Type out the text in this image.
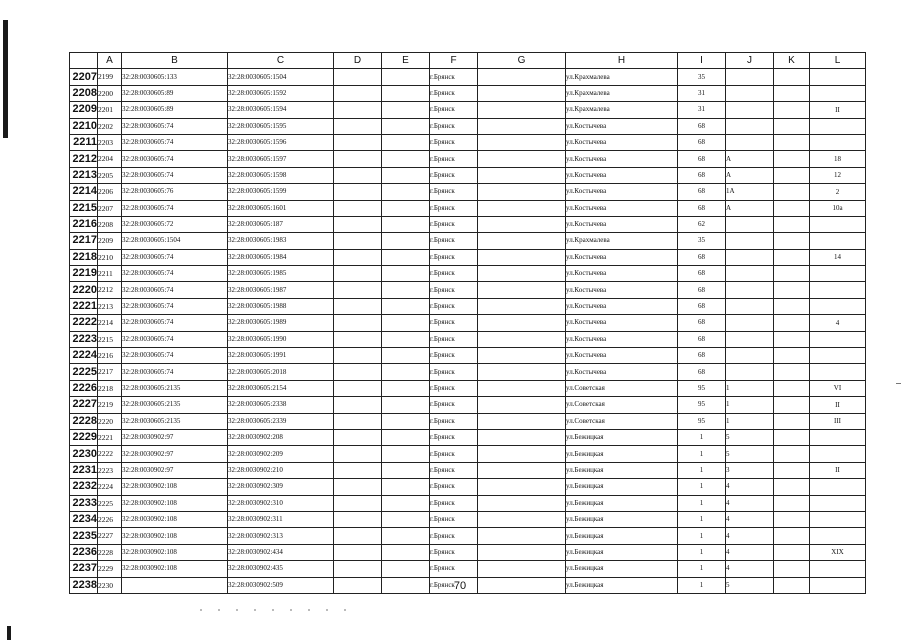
	A	B	C	D	E	F	G	H	I	J	K	L
2207	2199	32:28:0030605:133	32:28:0030605:1504			г.Брянск		ул.Крахмалева	35			
2208	2200	32:28:0030605:89	32:28:0030605:1592			г.Брянск		ул.Крахмалева	31			
2209	2201	32:28:0030605:89	32:28:0030605:1594			г.Брянск		ул.Крахмалева	31			II
2210	2202	32:28:0030605:74	32:28:0030605:1595			г.Брянск		ул.Костычева	68			
2211	2203	32:28:0030605:74	32:28:0030605:1596			г.Брянск		ул.Костычева	68			
2212	2204	32:28:0030605:74	32:28:0030605:1597			г.Брянск		ул.Костычева	68	А		18
2213	2205	32:28:0030605:74	32:28:0030605:1598			г.Брянск		ул.Костычева	68	А		12
2214	2206	32:28:0030605:76	32:28:0030605:1599			г.Брянск		ул.Костычева	68	1А		2
2215	2207	32:28:0030605:74	32:28:0030605:1601			г.Брянск		ул.Костычева	68	А		10а
2216	2208	32:28:0030605:72	32:28:0030605:187			г.Брянск		ул.Костычева	62			
2217	2209	32:28:0030605:1504	32:28:0030605:1983			г.Брянск		ул.Крахмалева	35			
2218	2210	32:28:0030605:74	32:28:0030605:1984			г.Брянск		ул.Костычева	68			14
2219	2211	32:28:0030605:74	32:28:0030605:1985			г.Брянск		ул.Костычева	68			
2220	2212	32:28:0030605:74	32:28:0030605:1987			г.Брянск		ул.Костычева	68			
2221	2213	32:28:0030605:74	32:28:0030605:1988			г.Брянск		ул.Костычева	68			
2222	2214	32:28:0030605:74	32:28:0030605:1989			г.Брянск		ул.Костычева	68			4
2223	2215	32:28:0030605:74	32:28:0030605:1990			г.Брянск		ул.Костычева	68			
2224	2216	32:28:0030605:74	32:28:0030605:1991			г.Брянск		ул.Костычева	68			
2225	2217	32:28:0030605:74	32:28:0030605:2018			г.Брянск		ул.Костычева	68			
2226	2218	32:28:0030605:2135	32:28:0030605:2154			г.Брянск		ул.Советская	95	1		VI
2227	2219	32:28:0030605:2135	32:28:0030605:2338			г.Брянск		ул.Советская	95	1		II
2228	2220	32:28:0030605:2135	32:28:0030605:2339			г.Брянск		ул.Советская	95	1		III
2229	2221	32:28:0030902:97	32:28:0030902:208			г.Брянск		ул.Бежицкая	1	5		
2230	2222	32:28:0030902:97	32:28:0030902:209			г.Брянск		ул.Бежицкая	1	5		
2231	2223	32:28:0030902:97	32:28:0030902:210			г.Брянск		ул.Бежицкая	1	3		II
2232	2224	32:28:0030902:108	32:28:0030902:309			г.Брянск		ул.Бежицкая	1	4		
2233	2225	32:28:0030902:108	32:28:0030902:310			г.Брянск		ул.Бежицкая	1	4		
2234	2226	32:28:0030902:108	32:28:0030902:311			г.Брянск		ул.Бежицкая	1	4		
2235	2227	32:28:0030902:108	32:28:0030902:313			г.Брянск		ул.Бежицкая	1	4		
2236	2228	32:28:0030902:108	32:28:0030902:434			г.Брянск		ул.Бежицкая	1	4		XIX
2237	2229	32:28:0030902:108	32:28:0030902:435			г.Брянск		ул.Бежицкая	1	4		
2238	2230		32:28:0030902:509			г.Брянск		ул.Бежицкая	1	5		
70
